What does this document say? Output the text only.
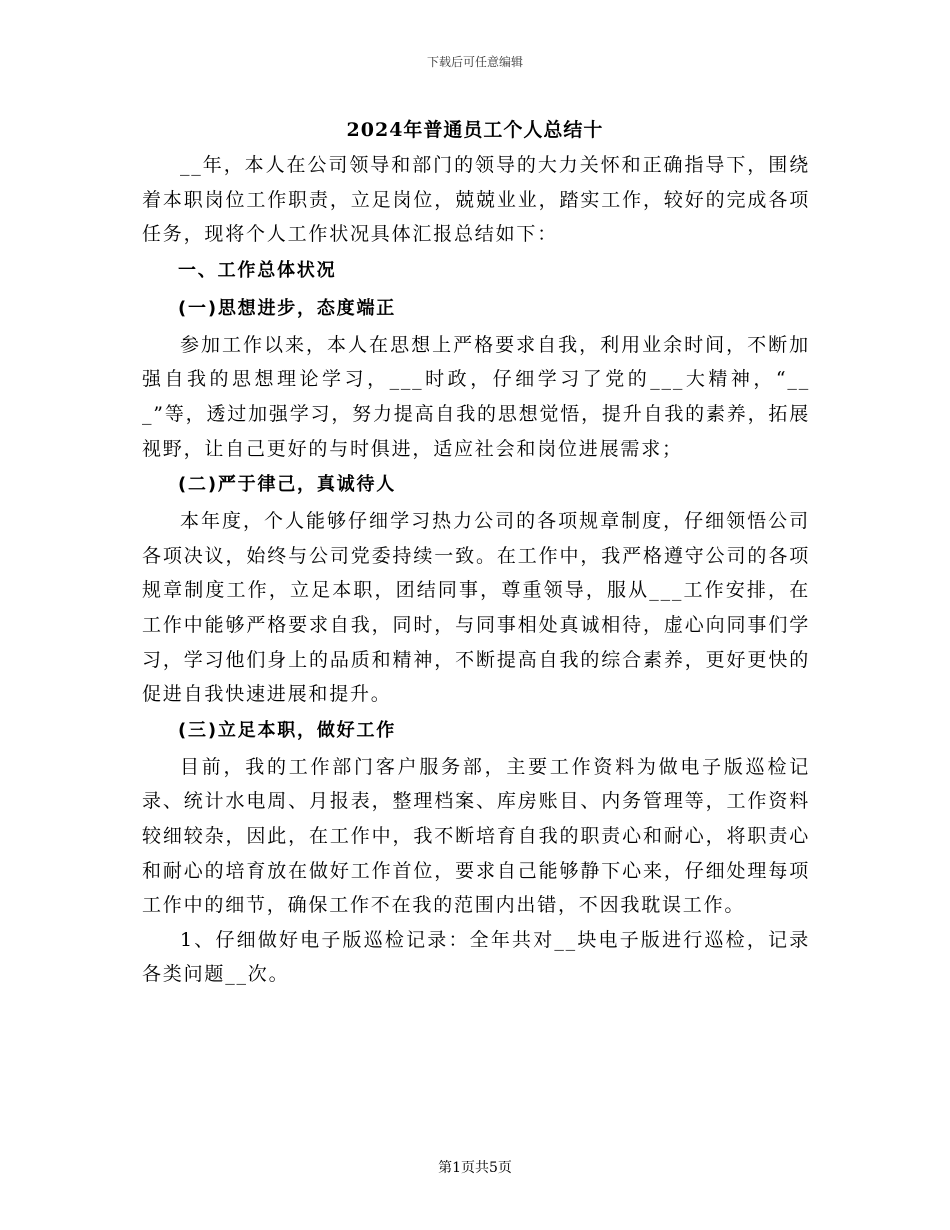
下载后可任意编辑
2024年普通员工个人总结十

__年，本人在公司领导和部门的领导的大力关怀和正确指导下，围绕着本职岗位工作职责，立足岗位，兢兢业业，踏实工作，较好的完成各项任务，现将个人工作状况具体汇报总结如下：

一、工作总体状况

(一)思想进步，态度端正

参加工作以来，本人在思想上严格要求自我，利用业余时间，不断加强自我的思想理论学习，___时政，仔细学习了党的___大精神，“___”等，透过加强学习，努力提高自我的思想觉悟，提升自我的素养，拓展视野，让自己更好的与时俱进，适应社会和岗位进展需求；

(二)严于律己，真诚待人

本年度，个人能够仔细学习热力公司的各项规章制度，仔细领悟公司各项决议，始终与公司党委持续一致。在工作中，我严格遵守公司的各项规章制度工作，立足本职，团结同事，尊重领导，服从___工作安排，在工作中能够严格要求自我，同时，与同事相处真诚相待，虚心向同事们学习，学习他们身上的品质和精神，不断提高自我的综合素养，更好更快的促进自我快速进展和提升。

(三)立足本职，做好工作

目前，我的工作部门客户服务部，主要工作资料为做电子版巡检记录、统计水电周、月报表，整理档案、库房账目、内务管理等，工作资料较细较杂，因此，在工作中，我不断培育自我的职责心和耐心，将职责心和耐心的培育放在做好工作首位，要求自己能够静下心来，仔细处理每项工作中的细节，确保工作不在我的范围内出错，不因我耽误工作。

1、仔细做好电子版巡检记录：全年共对__块电子版进行巡检，记录各类问题__次。

第1页共5页
